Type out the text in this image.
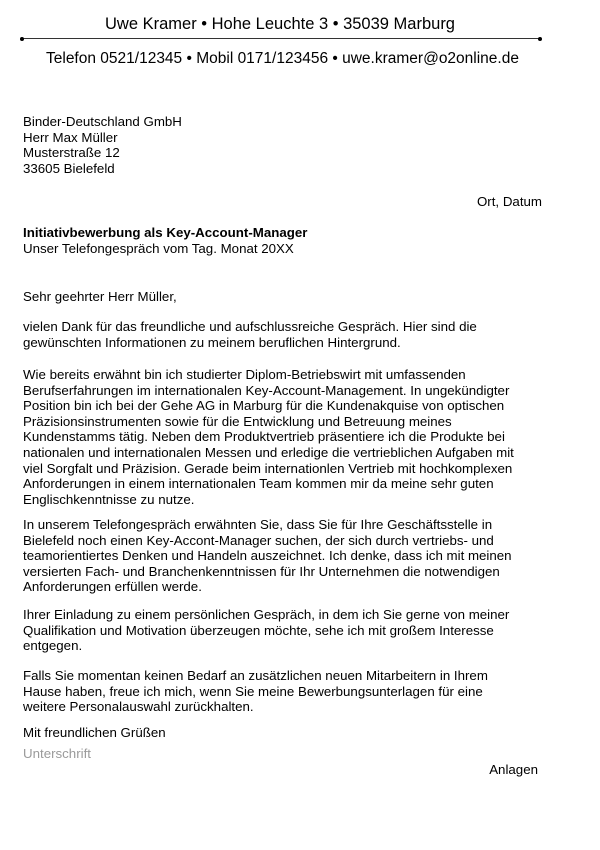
Uwe Kramer • Hohe Leuchte 3 • 35039 Marburg
Telefon 0521/12345 • Mobil 0171/123456 • uwe.kramer@o2online.de
Binder-Deutschland GmbH
Herr Max Müller
Musterstraße 12
33605 Bielefeld
Ort, Datum
Initiativbewerbung als Key-Account-Manager
Unser Telefongespräch vom Tag. Monat 20XX
Sehr geehrter Herr Müller,
vielen Dank für das freundliche und aufschlussreiche Gespräch. Hier sind die
gewünschten Informationen zu meinem beruflichen Hintergrund.
Wie bereits erwähnt bin ich studierter Diplom-Betriebswirt mit umfassenden
Berufserfahrungen im internationalen Key-Account-Management. In ungekündigter
Position bin ich bei der Gehe AG in Marburg für die Kundenakquise von optischen
Präzisionsinstrumenten sowie für die Entwicklung und Betreuung meines
Kundenstamms tätig. Neben dem Produktvertrieb präsentiere ich die Produkte bei
nationalen und internationalen Messen und erledige die vertrieblichen Aufgaben mit
viel Sorgfalt und Präzision. Gerade beim internationlen Vertrieb mit hochkomplexen
Anforderungen in einem internationalen Team kommen mir da meine sehr guten
Englischkenntnisse zu nutze.
In unserem Telefongespräch erwähnten Sie, dass Sie für Ihre Geschäftsstelle in
Bielefeld noch einen Key-Accont-Manager suchen, der sich durch vertriebs- und
teamorientiertes Denken und Handeln auszeichnet. Ich denke, dass ich mit meinen
versierten Fach- und Branchenkenntnissen für Ihr Unternehmen die notwendigen
Anforderungen erfüllen werde.
Ihrer Einladung zu einem persönlichen Gespräch, in dem ich Sie gerne von meiner
Qualifikation und Motivation überzeugen möchte, sehe ich mit großem Interesse
entgegen.
Falls Sie momentan keinen Bedarf an zusätzlichen neuen Mitarbeitern in Ihrem
Hause haben, freue ich mich, wenn Sie meine Bewerbungsunterlagen für eine
weitere Personalauswahl zurückhalten.
Mit freundlichen Grüßen
Unterschrift
Anlagen
